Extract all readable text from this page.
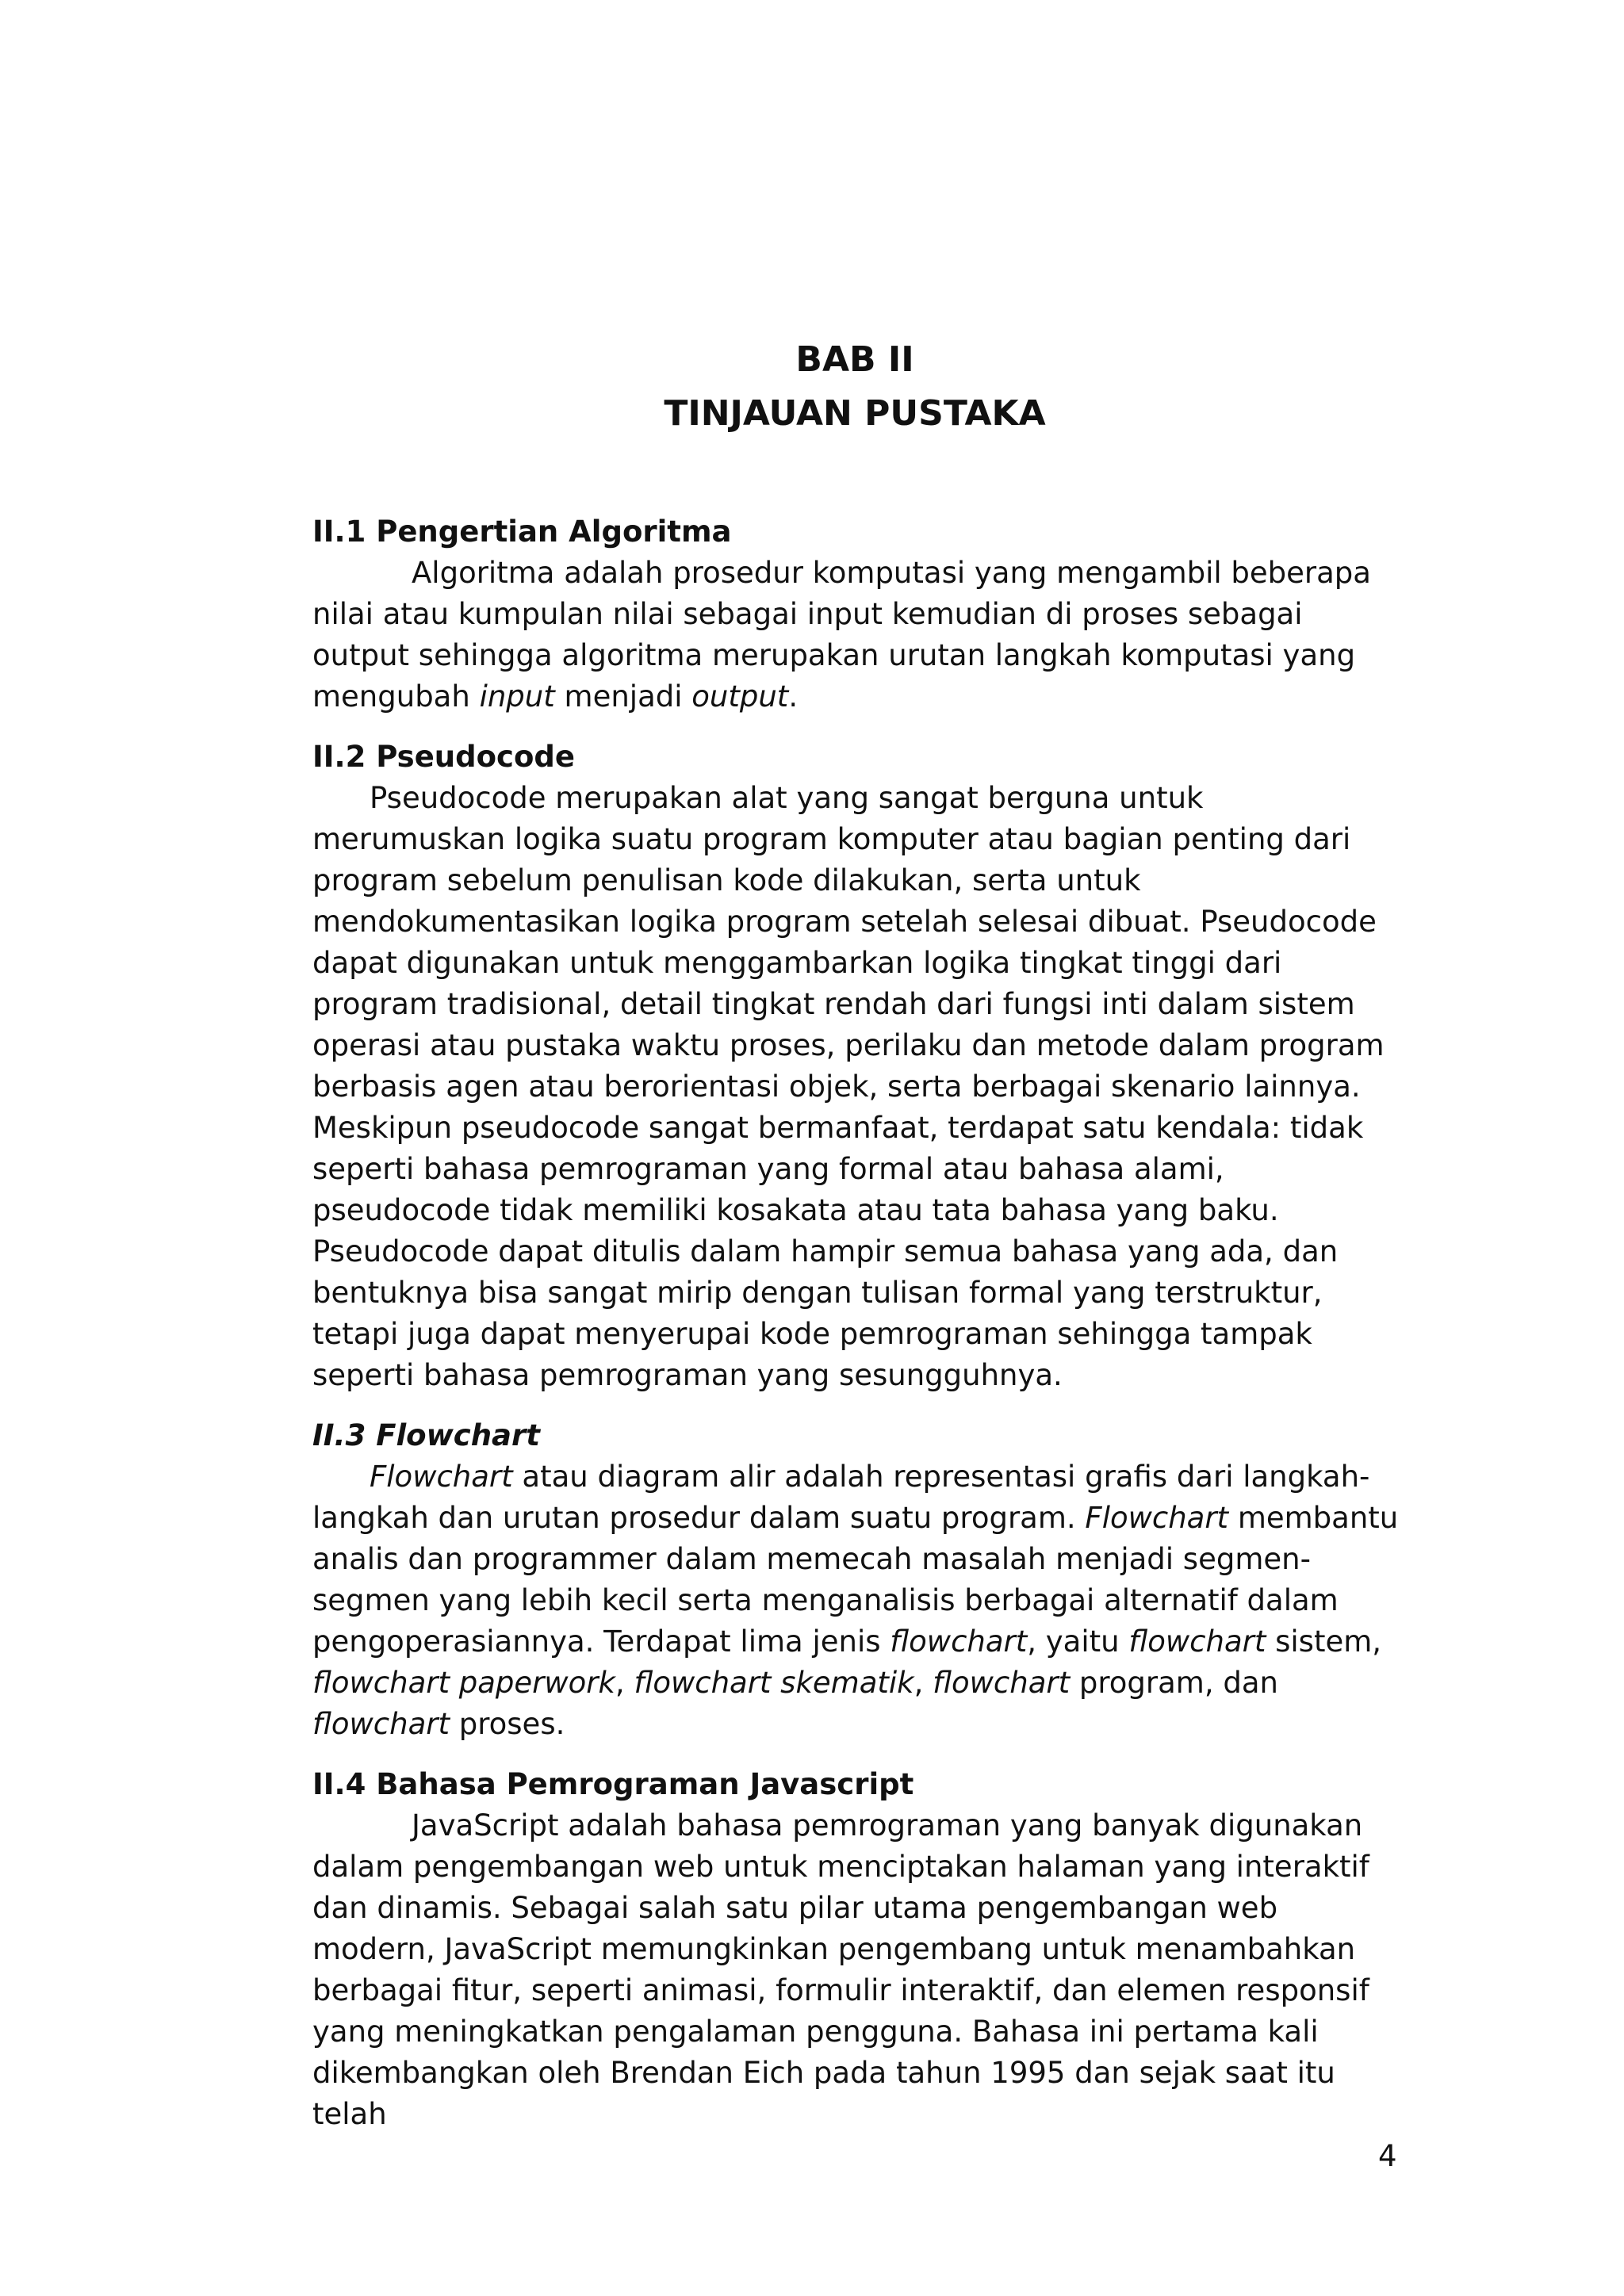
BAB II
TINJAUAN PUSTAKA
II.1 Pengertian Algoritma

Algoritma adalah prosedur komputasi yang mengambil beberapa nilai atau kumpulan nilai sebagai input kemudian di proses sebagai output sehingga algoritma merupakan urutan langkah komputasi yang mengubah input menjadi output.

II.2 Pseudocode

Pseudocode merupakan alat yang sangat berguna untuk merumuskan logika suatu program komputer atau bagian penting dari program sebelum penulisan kode dilakukan, serta untuk mendokumentasikan logika program setelah selesai dibuat. Pseudocode dapat digunakan untuk menggambarkan logika tingkat tinggi dari program tradisional, detail tingkat rendah dari fungsi inti dalam sistem operasi atau pustaka waktu proses, perilaku dan metode dalam program berbasis agen atau berorientasi objek, serta berbagai skenario lainnya. Meskipun pseudocode sangat bermanfaat, terdapat satu kendala: tidak seperti bahasa pemrograman yang formal atau bahasa alami, pseudocode tidak memiliki kosakata atau tata bahasa yang baku. Pseudocode dapat ditulis dalam hampir semua bahasa yang ada, dan bentuknya bisa sangat mirip dengan tulisan formal yang terstruktur, tetapi juga dapat menyerupai kode pemrograman sehingga tampak seperti bahasa pemrograman yang sesungguhnya.

II.3 Flowchart

Flowchart atau diagram alir adalah representasi grafis dari langkah-langkah dan urutan prosedur dalam suatu program. Flowchart membantu analis dan programmer dalam memecah masalah menjadi segmen-segmen yang lebih kecil serta menganalisis berbagai alternatif dalam pengoperasiannya. Terdapat lima jenis flowchart, yaitu flowchart sistem, flowchart paperwork, flowchart skematik, flowchart program, dan flowchart proses.

II.4 Bahasa Pemrograman Javascript

JavaScript adalah bahasa pemrograman yang banyak digunakan dalam pengembangan web untuk menciptakan halaman yang interaktif dan dinamis. Sebagai salah satu pilar utama pengembangan web modern, JavaScript memungkinkan pengembang untuk menambahkan berbagai fitur, seperti animasi, formulir interaktif, dan elemen responsif yang meningkatkan pengalaman pengguna. Bahasa ini pertama kali dikembangkan oleh Brendan Eich pada tahun 1995 dan sejak saat itu telah

4
